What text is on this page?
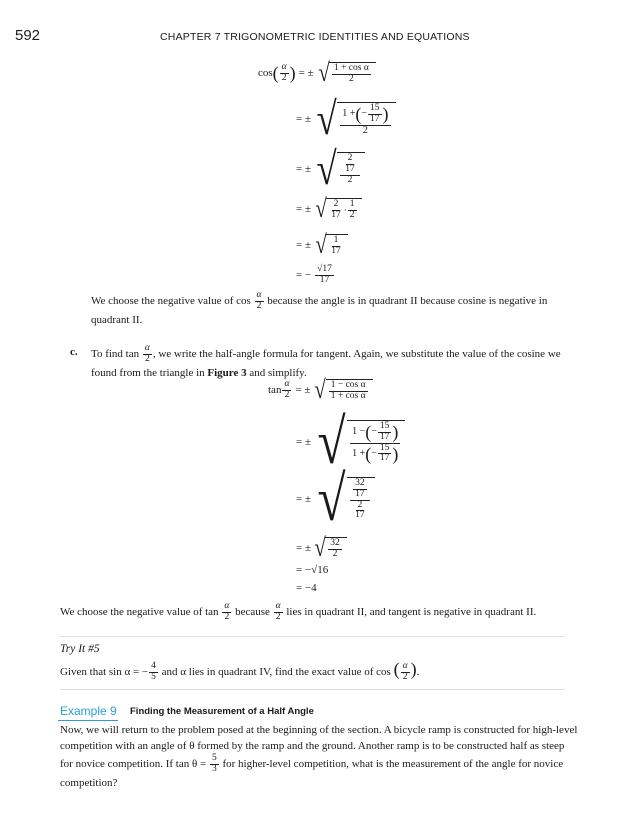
592	CHAPTER 7 TRIGONOMETRIC IDENTITIES AND EQUATIONS
cos ( $\frac{\alpha}{2}$ ) = ± √ $\frac{\text{1 + cos α}}{2}$
= ± √ $\frac{1 + ( - \frac{15}{17} )}{2}$
= ± √ $\frac{\frac{2}{17}}{2}$
= ± √ $\frac{2}{17} \cdot \frac{1}{2}$
= ± √ $\frac{1}{17}$
= − $\frac{√17}{17}$
We choose the negative value of $\cos \frac{\alpha}{2}$ because the angle is in quadrant II because cosine is negative in
quadrant II.
c. To find $\tan \frac{\alpha}{2}$ , we write the half-angle formula for tangent. Again, we substitute the value of the cosine we
found from the triangle in Figure 3 and simplify.
$\tan \frac{\alpha}{2}$ = ± √ $\frac{\text{1 − cos α}}{\text{1 + cos α}}$
= ± √ $\frac{1 - ( - \frac{15}{17} )}{1 + ( - \frac{15}{17} )}$
= ± √ $\frac{\frac{32}{17}}{\frac{2}{17}}$
= ± √ $\frac{32}{2}$
= −√16
= −4
We choose the negative value of $\tan \frac{\alpha}{2}$ because $\frac{\alpha}{2}$ lies in quadrant II, and tangent is negative in quadrant II.
Try It #5
Given that sin α = − $\frac{4}{5}$ and α lies in quadrant IV, find the exact value of cos ( $\frac{\alpha}{2}$ ).
Example 9 Finding the Measurement of a Half Angle
Now, we will return to the problem posed at the beginning of the section. A bicycle ramp is constructed for high-level
competition with an angle of θ formed by the ramp and the ground. Another ramp is to be constructed half as steep
for novice competition. If $\tan \theta = \frac{5}{3}$ for higher-level competition, what is the measurement of the angle for novice
competition?
